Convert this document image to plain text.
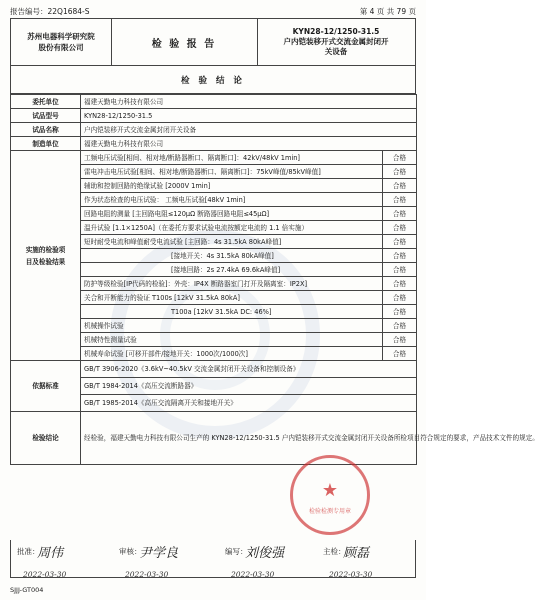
报告编号：22Q1684-S	第 4 页 共 79 页
苏州电器科学研究院
股份有限公司	检 验 报 告
KYN28-12/1250-31.5
户内铠装移开式交流金属封闭开
关设备
检 验 结 论
委托单位	福建天勤电力科技有限公司	
试品型号	KYN28-12/1250-31.5	
试品名称	户内铠装移开式交流金属封闭开关设备	
制造单位	福建天勤电力科技有限公司	
实施的检验项
目及检验结果	工频电压试验[相间、相对地/断路器断口、隔离断口]：42kV/48kV 1min]	合格
	雷电冲击电压试验[相间、相对地/断路器断口、隔离断口]：75kV峰值/85kV峰值]	合格
	辅助和控制回路的绝缘试验 [2000V 1min]	合格
	作为状态检查的电压试验： 工频电压试验[48kV 1min]	合格
	回路电阻的测量 [主回路电阻≤120μΩ 断路器回路电阻≤45μΩ]	合格
	温升试验 [1.1×1250A]（在委托方要求试验电流按额定电流的 1.1 倍实施）	合格
	短时耐受电流和峰值耐受电流试验 [主回路：4s 31.5kA 80kA峰值]	合格
	[接地开关：4s 31.5kA 80kA峰值]	合格
	[接地回路：2s 27.4kA 69.6kA峰值]	合格
	防护等级检验[IP代码的检验]：外壳：IP4X 断路器室门打开及隔离室：IP2X]	合格
	关合和开断能力的验证 T100s [12kV 31.5kA 80kA]	合格
	T100a [12kV 31.5kA DC: 46%]	合格
	机械操作试验	合格
	机械特性测量试验	合格
	机械寿命试验 [可移开部件/接地开关：1000次/1000次]	合格
依据标准	GB/T 3906-2020《3.6kV~40.5kV 交流金属封闭开关设备和控制设备》	
	GB/T 1984-2014《高压交流断路器》	
	GB/T 1985-2014《高压交流隔离开关和接地开关》	
检验结论	经检验，福建天勤电力科技有限公司生产的 KYN28-12/1250-31.5 户内铠装移开式交流金属封闭开关设备所检项目符合规定的要求，产品技术文件的规定。	
★
检验检测专用章
批准：
周伟
2022-03-30
审核：
尹学良
2022-03-30
编写：
刘俊强
2022-03-30
主检：
顾磊
2022-03-30
SJJJ-GT004
